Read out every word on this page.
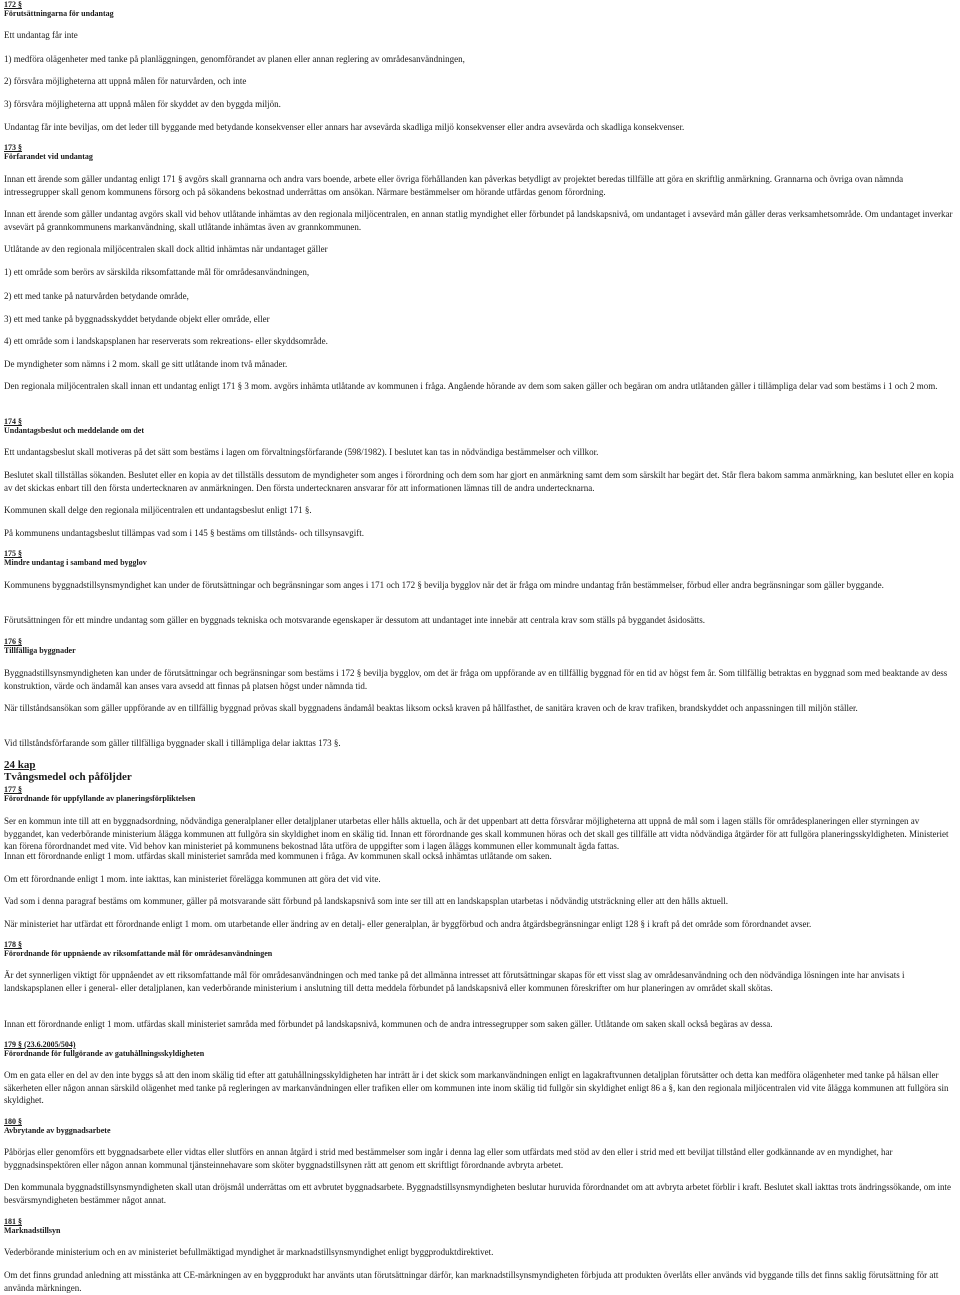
172 §
Förutsättningarna för undantag

Ett undantag får inte

1) medföra olägenheter med tanke på planläggningen, genomförandet av planen eller annan reglering av områdesanvändningen,

2) försvåra möjligheterna att uppnå målen för naturvården, och inte

3) försvåra möjligheterna att uppnå målen för skyddet av den byggda miljön.

Undantag får inte beviljas, om det leder till byggande med betydande konsekvenser eller annars har avsevärda skadliga miljö konsekvenser eller andra avsevärda och skadliga konsekvenser.

173 §
Förfarandet vid undantag

Innan ett ärende som gäller undantag enligt 171 § avgörs skall grannarna och andra vars boende, arbete eller övriga förhållanden kan påverkas betydligt av projektet beredas tillfälle att göra en skriftlig anmärkning. Grannarna och övriga ovan nämnda intressegrupper skall genom kommunens försorg och på sökandens bekostnad underrättas om ansökan. Närmare bestämmelser om hörande utfärdas genom förordning.

Innan ett ärende som gäller undantag avgörs skall vid behov utlåtande inhämtas av den regionala miljöcentralen, en annan statlig myndighet eller förbundet på landskapsnivå, om undantaget i avsevärd mån gäller deras verksamhetsområde. Om undantaget inverkar avsevärt på grannkommunens markanvändning, skall utlåtande inhämtas även av grannkommunen.

Utlåtande av den regionala miljöcentralen skall dock alltid inhämtas när undantaget gäller

1) ett område som berörs av särskilda riksomfattande mål för områdesanvändningen,

2) ett med tanke på naturvården betydande område,

3) ett med tanke på byggnadsskyddet betydande objekt eller område, eller

4) ett område som i landskapsplanen har reserverats som rekreations- eller skyddsområde.

De myndigheter som nämns i 2 mom. skall ge sitt utlåtande inom två månader.

Den regionala miljöcentralen skall innan ett undantag enligt 171 § 3 mom. avgörs inhämta utlåtande av kommunen i fråga. Angående hörande av dem som saken gäller och begäran om andra utlåtanden gäller i tillämpliga delar vad som bestäms i 1 och 2 mom.

174 §
Undantagsbeslut och meddelande om det

Ett undantagsbeslut skall motiveras på det sätt som bestäms i lagen om förvaltningsförfarande (598/1982). I beslutet kan tas in nödvändiga bestämmelser och villkor.

Beslutet skall tillställas sökanden. Beslutet eller en kopia av det tillställs dessutom de myndigheter som anges i förordning och dem som har gjort en anmärkning samt dem som särskilt har begärt det. Står flera bakom samma anmärkning, kan beslutet eller en kopia av det skickas enbart till den första undertecknaren av anmärkningen. Den första undertecknaren ansvarar för att informationen lämnas till de andra undertecknarna.

Kommunen skall delge den regionala miljöcentralen ett undantagsbeslut enligt 171 §.

På kommunens undantagsbeslut tillämpas vad som i 145 § bestäms om tillstånds- och tillsynsavgift.

175 §
Mindre undantag i samband med bygglov

Kommunens byggnadstillsynsmyndighet kan under de förutsättningar och begränsningar som anges i 171 och 172 § bevilja bygglov när det är fråga om mindre undantag från bestämmelser, förbud eller andra begränsningar som gäller byggande.

Förutsättningen för ett mindre undantag som gäller en byggnads tekniska och motsvarande egenskaper är dessutom att undantaget inte innebär att centrala krav som ställs på byggandet åsidosätts.

176 §
Tillfälliga byggnader

Byggnadstillsynsmyndigheten kan under de förutsättningar och begränsningar som bestäms i 172 § bevilja bygglov, om det är fråga om uppförande av en tillfällig byggnad för en tid av högst fem år. Som tillfällig betraktas en byggnad som med beaktande av dess konstruktion, värde och ändamål kan anses vara avsedd att finnas på platsen högst under nämnda tid.

När tillståndsansökan som gäller uppförande av en tillfällig byggnad prövas skall byggnadens ändamål beaktas liksom också kraven på hållfasthet, de sanitära kraven och de krav trafiken, brandskyddet och anpassningen till miljön ställer.

Vid tillståndsförfarande som gäller tillfälliga byggnader skall i tillämpliga delar iakttas 173 §.

24 kap
Tvångsmedel och påföljder
177 §
Förordnande för uppfyllande av planeringsförpliktelsen

Ser en kommun inte till att en byggnadsordning, nödvändiga generalplaner eller detaljplaner utarbetas eller hålls aktuella, och är det uppenbart att detta försvårar möjligheterna att uppnå de mål som i lagen ställs för områdesplaneringen eller styrningen av byggandet, kan vederbörande ministerium ålägga kommunen att fullgöra sin skyldighet inom en skälig tid. Innan ett förordnande ges skall kommunen höras och det skall ges tillfälle att vidta nödvändiga åtgärder för att fullgöra planeringsskyldigheten. Ministeriet kan förena förordnandet med vite. Vid behov kan ministeriet på kommunens bekostnad låta utföra de uppgifter som i lagen åläggs kommunen eller kommunalt ägda fattas.

Innan ett förordnande enligt 1 mom. utfärdas skall ministeriet samråda med kommunen i fråga. Av kommunen skall också inhämtas utlåtande om saken.

Om ett förordnande enligt 1 mom. inte iakttas, kan ministeriet förelägga kommunen att göra det vid vite.

Vad som i denna paragraf bestäms om kommuner, gäller på motsvarande sätt förbund på landskapsnivå som inte ser till att en landskapsplan utarbetas i nödvändig utsträckning eller att den hålls aktuell.

När ministeriet har utfärdat ett förordnande enligt 1 mom. om utarbetande eller ändring av en detalj- eller generalplan, är byggförbud och andra åtgärdsbegränsningar enligt 128 § i kraft på det område som förordnandet avser.

178 §
Förordnande för uppnående av riksomfattande mål för områdesanvändningen

Är det synnerligen viktigt för uppnåendet av ett riksomfattande mål för områdesanvändningen och med tanke på det allmänna intresset att förutsättningar skapas för ett visst slag av områdesanvändning och den nödvändiga lösningen inte har anvisats i landskapsplanen eller i general- eller detaljplanen, kan vederbörande ministerium i anslutning till detta meddela förbundet på landskapsnivå eller kommunen föreskrifter om hur planeringen av området skall skötas.

Innan ett förordnande enligt 1 mom. utfärdas skall ministeriet samråda med förbundet på landskapsnivå, kommunen och de andra intressegrupper som saken gäller. Utlåtande om saken skall också begäras av dessa.

179 § (23.6.2005/504)
Förordnande för fullgörande av gatuhållningsskyldigheten

Om en gata eller en del av den inte byggs så att den inom skälig tid efter att gatuhållningsskyldigheten har inträtt är i det skick som markanvändningen enligt en lagakraftvunnen detaljplan förutsätter och detta kan medföra olägenheter med tanke på hälsan eller säkerheten eller någon annan särskild olägenhet med tanke på regleringen av markanvändningen eller trafiken eller om kommunen inte inom skälig tid fullgör sin skyldighet enligt 86 a §, kan den regionala miljöcentralen vid vite ålägga kommunen att fullgöra sin skyldighet.

180 §
Avbrytande av byggnadsarbete

Påbörjas eller genomförs ett byggnadsarbete eller vidtas eller slutförs en annan åtgärd i strid med bestämmelser som ingår i denna lag eller som utfärdats med stöd av den eller i strid med ett beviljat tillstånd eller godkännande av en myndighet, har byggnadsinspektören eller någon annan kommunal tjänsteinnehavare som sköter byggnadstillsynen rätt att genom ett skriftligt förordnande avbryta arbetet.

Den kommunala byggnadstillsynsmyndigheten skall utan dröjsmål underrättas om ett avbrutet byggnadsarbete. Byggnadstillsynsmyndigheten beslutar huruvida förordnandet om att avbryta arbetet förblir i kraft. Beslutet skall iakttas trots ändringssökande, om inte besvärsmyndigheten bestämmer något annat.

181 §
Marknadstillsyn

Vederbörande ministerium och en av ministeriet befullmäktigad myndighet är marknadstillsynsmyndighet enligt byggproduktdirektivet.

Om det finns grundad anledning att misstänka att CE-märkningen av en byggprodukt har använts utan förutsättningar därför, kan marknadstillsynsmyndigheten förbjuda att produkten överlåts eller används vid byggande tills det finns saklig förutsättning för att använda märkningen.
